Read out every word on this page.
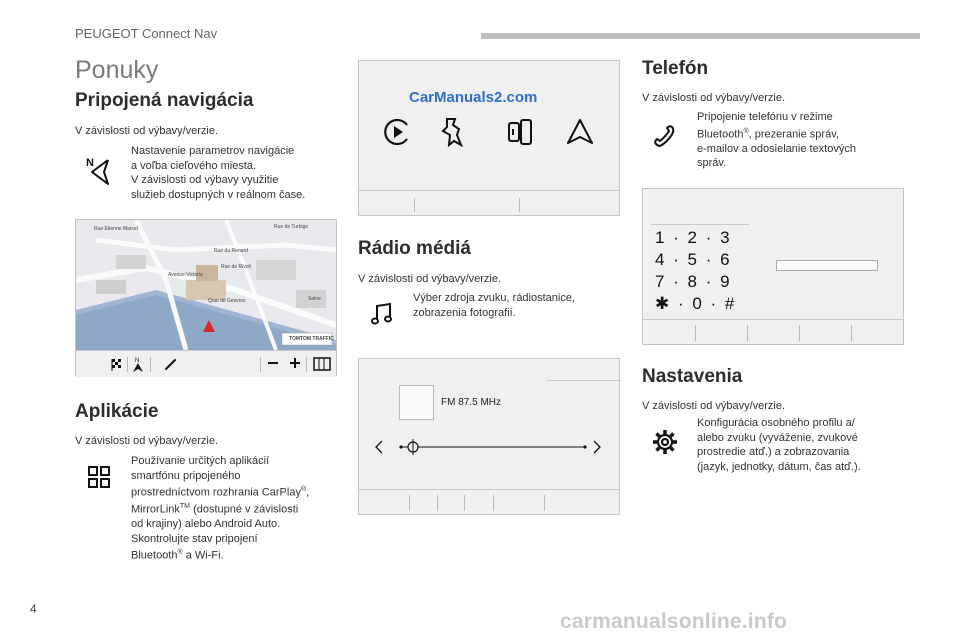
PEUGEOT Connect Nav
Ponuky
Pripojená navigácia
V závislosti od výbavy/verzie.
N
Nastavenie parametrov navigácie
a voľba cieľového miesta.
V závislosti od výbavy využitie
služieb dostupných v reálnom čase.
Rue Étienne Marcel	Rue de Turbigo
Rue du Renard
Rue de Rivoli
Avenue Victoria
Quai de Gesvres	Seine
TOMTOM TRAFFIC
N
Aplikácie
V závislosti od výbavy/verzie.
Používanie určitých aplikácií
smartfónu pripojeného
prostredníctvom rozhrania CarPlay®,
MirrorLink™ (dostupné v závislosti
od krajiny) alebo Android Auto.
Skontrolujte stav pripojení
Bluetooth® a Wi-Fi.
CarManuals2.com
Rádio médiá
V závislosti od výbavy/verzie.
Výber zdroja zvuku, rádiostanice,
zobrazenia fotografií.
FM 87.5 MHz
Telefón
V závislosti od výbavy/verzie.
Pripojenie telefónu v režime
Bluetooth®, prezeranie správ,
e-mailov a odosielanie textových
správ.
1 · 2 · 3
4 · 5 · 6
7 · 8 · 9
✱ · 0 · #
Nastavenia
V závislosti od výbavy/verzie.
Konfigurácia osobného profilu a/
alebo zvuku (vyváženie, zvukové
prostredie atď.) a zobrazovania
(jazyk, jednotky, dátum, čas atď.).
4
carmanualsonline.info
